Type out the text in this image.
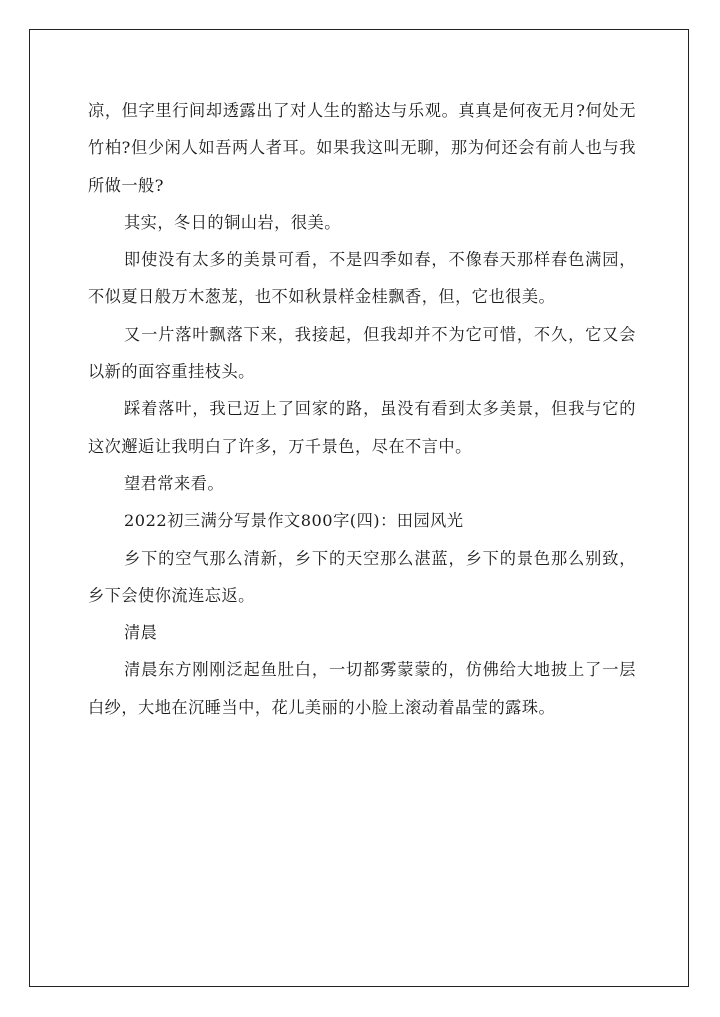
凉，但字里行间却透露出了对人生的豁达与乐观。真真是何夜无月?何处无竹柏?但少闲人如吾两人者耳。如果我这叫无聊，那为何还会有前人也与我所做一般?

其实，冬日的铜山岩，很美。

即使没有太多的美景可看，不是四季如春，不像春天那样春色满园，不似夏日般万木葱茏，也不如秋景样金桂飘香，但，它也很美。

又一片落叶飘落下来，我接起，但我却并不为它可惜，不久，它又会以新的面容重挂枝头。

踩着落叶，我已迈上了回家的路，虽没有看到太多美景，但我与它的这次邂逅让我明白了许多，万千景色，尽在不言中。

望君常来看。

2022初三满分写景作文800字(四)：田园风光

乡下的空气那么清新，乡下的天空那么湛蓝，乡下的景色那么别致，乡下会使你流连忘返。

清晨

清晨东方刚刚泛起鱼肚白，一切都雾蒙蒙的，仿佛给大地披上了一层白纱，大地在沉睡当中，花儿美丽的小脸上滚动着晶莹的露珠。
